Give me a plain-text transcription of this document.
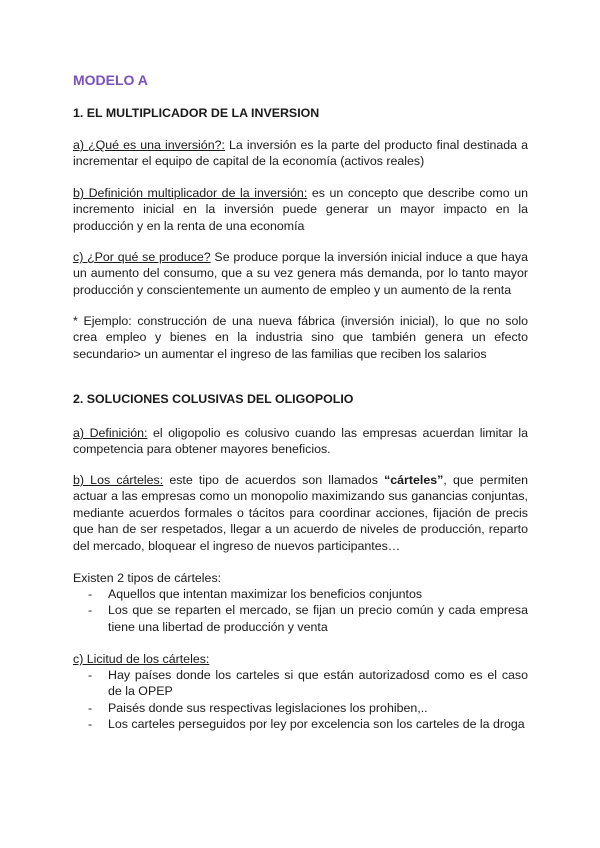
MODELO A
1. EL MULTIPLICADOR DE LA INVERSION
a) ¿Qué es una inversión?: La inversión es la parte del producto final destinada a incrementar el equipo de capital de la economía (activos reales)
b) Definición multiplicador de la inversión: es un concepto que describe como un incremento inicial en la inversión puede generar un mayor impacto en la producción y en la renta de una economía
c) ¿Por qué se produce? Se produce porque la inversión inicial induce a que haya un aumento del consumo, que a su vez genera más demanda, por lo tanto mayor producción y conscientemente un aumento de empleo y un aumento de la renta
* Ejemplo: construcción de una nueva fábrica (inversión inicial), lo que no solo crea empleo y bienes en la industria sino que también genera un efecto secundario> un aumentar el ingreso de las familias que reciben los salarios
2. SOLUCIONES COLUSIVAS DEL OLIGOPOLIO
a) Definición: el oligopolio es colusivo cuando las empresas acuerdan limitar la competencia para obtener mayores beneficios.
b) Los cárteles: este tipo de acuerdos son llamados “cárteles”, que permiten actuar a las empresas como un monopolio maximizando sus ganancias conjuntas, mediante acuerdos formales o tácitos para coordinar acciones, fijación de precis que han de ser respetados, llegar a un acuerdo de niveles de producción, reparto del mercado, bloquear el ingreso de nuevos participantes…
Existen 2 tipos de cárteles:
- Aquellos que intentan maximizar los beneficios conjuntos
- Los que se reparten el mercado, se fijan un precio común y cada empresa tiene una libertad de producción y venta
c) Licitud de los cárteles:
- Hay países donde los carteles si que están autorizadosd como es el caso de la OPEP
- Paisés donde sus respectivas legislaciones los prohiben,..
- Los carteles perseguidos por ley por excelencia son los carteles de la droga
